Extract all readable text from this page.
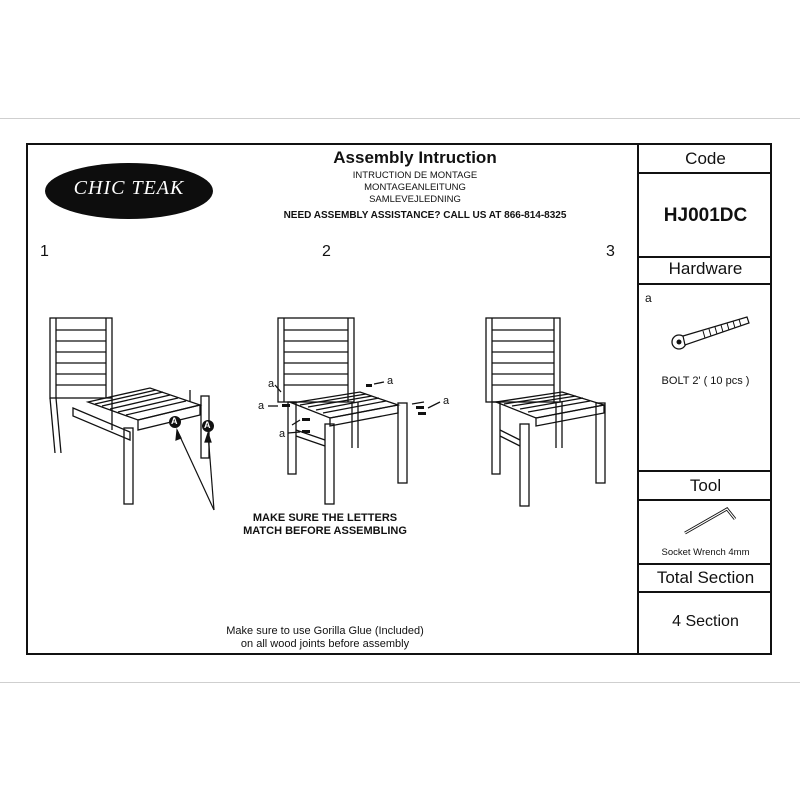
CHIC TEAK
Assembly Intruction
INTRUCTION DE MONTAGE
MONTAGEANLEITUNG
SAMLEVEJLEDNING
NEED ASSEMBLY ASSISTANCE? CALL US AT 866-814-8325
1	2	3
A	A
MAKE SURE THE LETTERS
MATCH BEFORE ASSEMBLING
a
a
a
a
a
Make sure to use Gorilla Glue (Included)
on all wood joints before assembly
Code
HJ001DC
Hardware
a
BOLT 2' ( 10 pcs )
Tool
Socket Wrench 4mm
Total Section
4 Section
